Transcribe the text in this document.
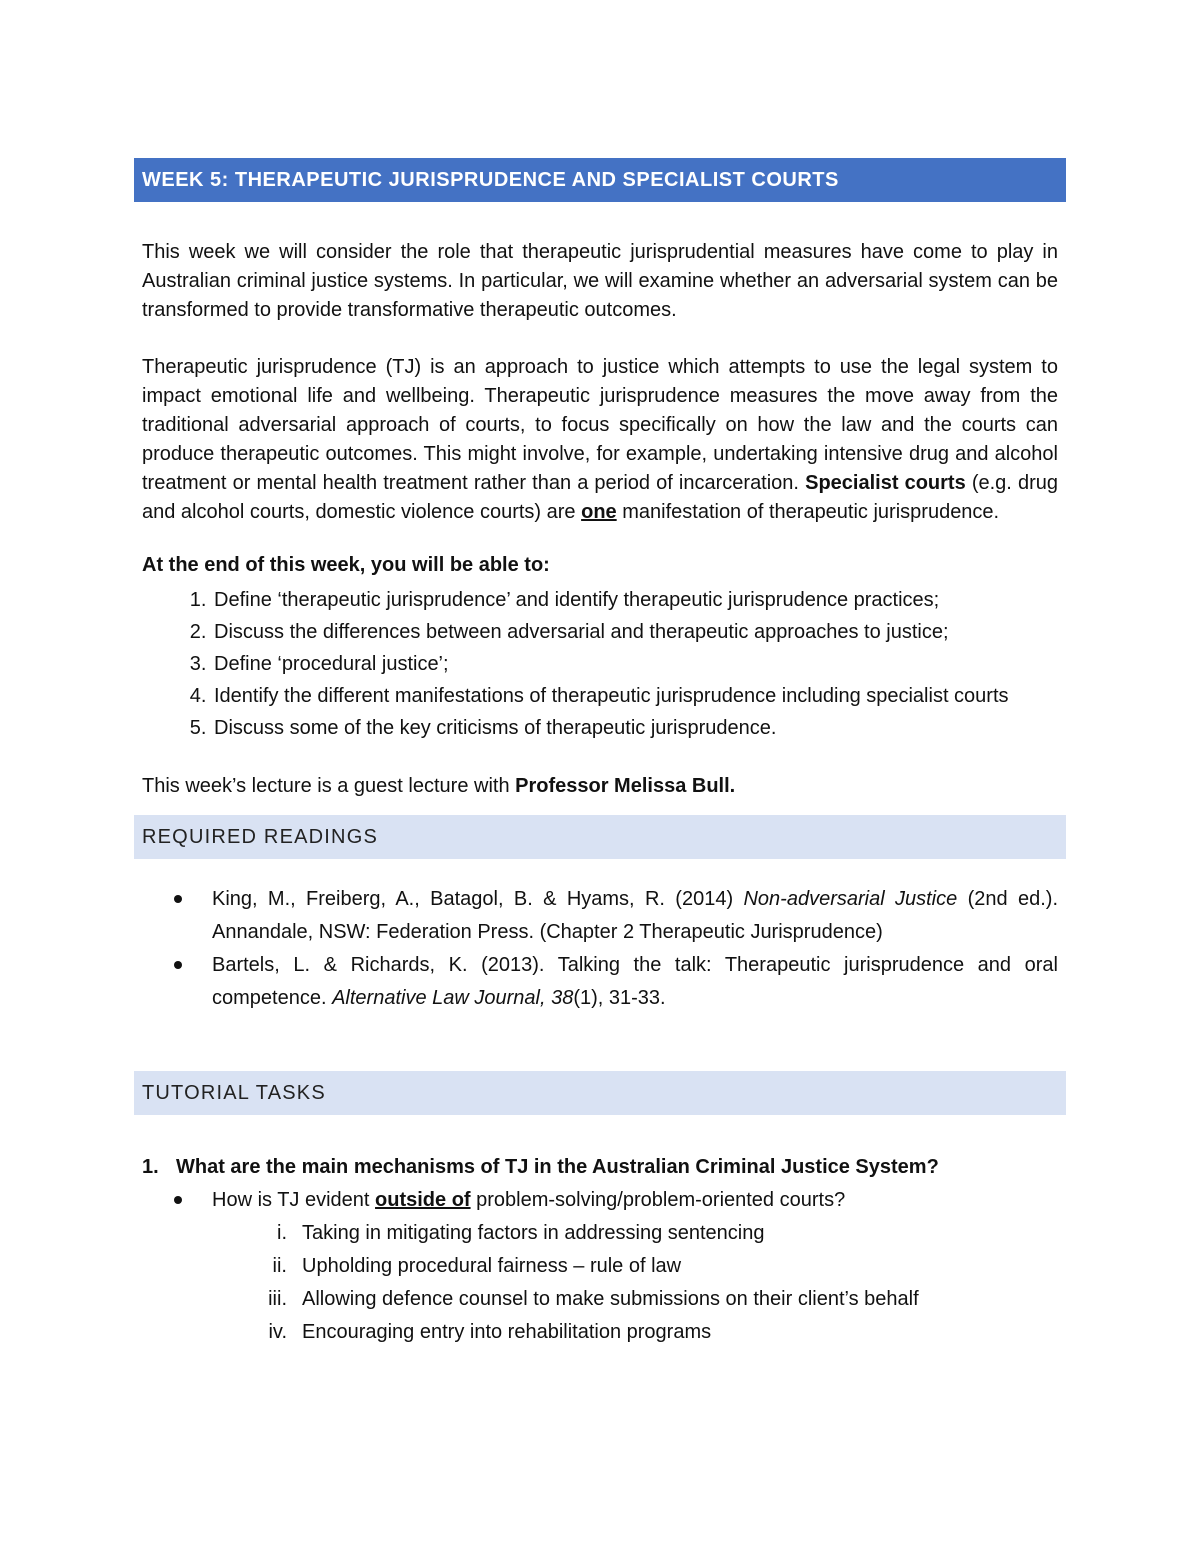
WEEK 5: THERAPEUTIC JURISPRUDENCE AND SPECIALIST COURTS

This week we will consider the role that therapeutic jurisprudential measures have come to play in Australian criminal justice systems. In particular, we will examine whether an adversarial system can be transformed to provide transformative therapeutic outcomes.

Therapeutic jurisprudence (TJ) is an approach to justice which attempts to use the legal system to impact emotional life and wellbeing. Therapeutic jurisprudence measures the move away from the traditional adversarial approach of courts, to focus specifically on how the law and the courts can produce therapeutic outcomes. This might involve, for example, undertaking intensive drug and alcohol treatment or mental health treatment rather than a period of incarceration. Specialist courts (e.g. drug and alcohol courts, domestic violence courts) are one manifestation of therapeutic jurisprudence.

At the end of this week, you will be able to:

1. Define ‘therapeutic jurisprudence’ and identify therapeutic jurisprudence practices;
2. Discuss the differences between adversarial and therapeutic approaches to justice;
3. Define ‘procedural justice’;
4. Identify the different manifestations of therapeutic jurisprudence including specialist courts
5. Discuss some of the key criticisms of therapeutic jurisprudence.

This week’s lecture is a guest lecture with Professor Melissa Bull.

REQUIRED READINGS
King, M., Freiberg, A., Batagol, B. & Hyams, R. (2014) Non-adversarial Justice (2nd ed.). Annandale, NSW: Federation Press. (Chapter 2 Therapeutic Jurisprudence)
Bartels, L. & Richards, K. (2013). Talking the talk: Therapeutic jurisprudence and oral competence. Alternative Law Journal, 38(1), 31-33.
TUTORIAL TASKS
1. What are the main mechanisms of TJ in the Australian Criminal Justice System?
How is TJ evident outside of problem-solving/problem-oriented courts?
i. Taking in mitigating factors in addressing sentencing
ii. Upholding procedural fairness – rule of law
iii. Allowing defence counsel to make submissions on their client’s behalf
iv. Encouraging entry into rehabilitation programs
